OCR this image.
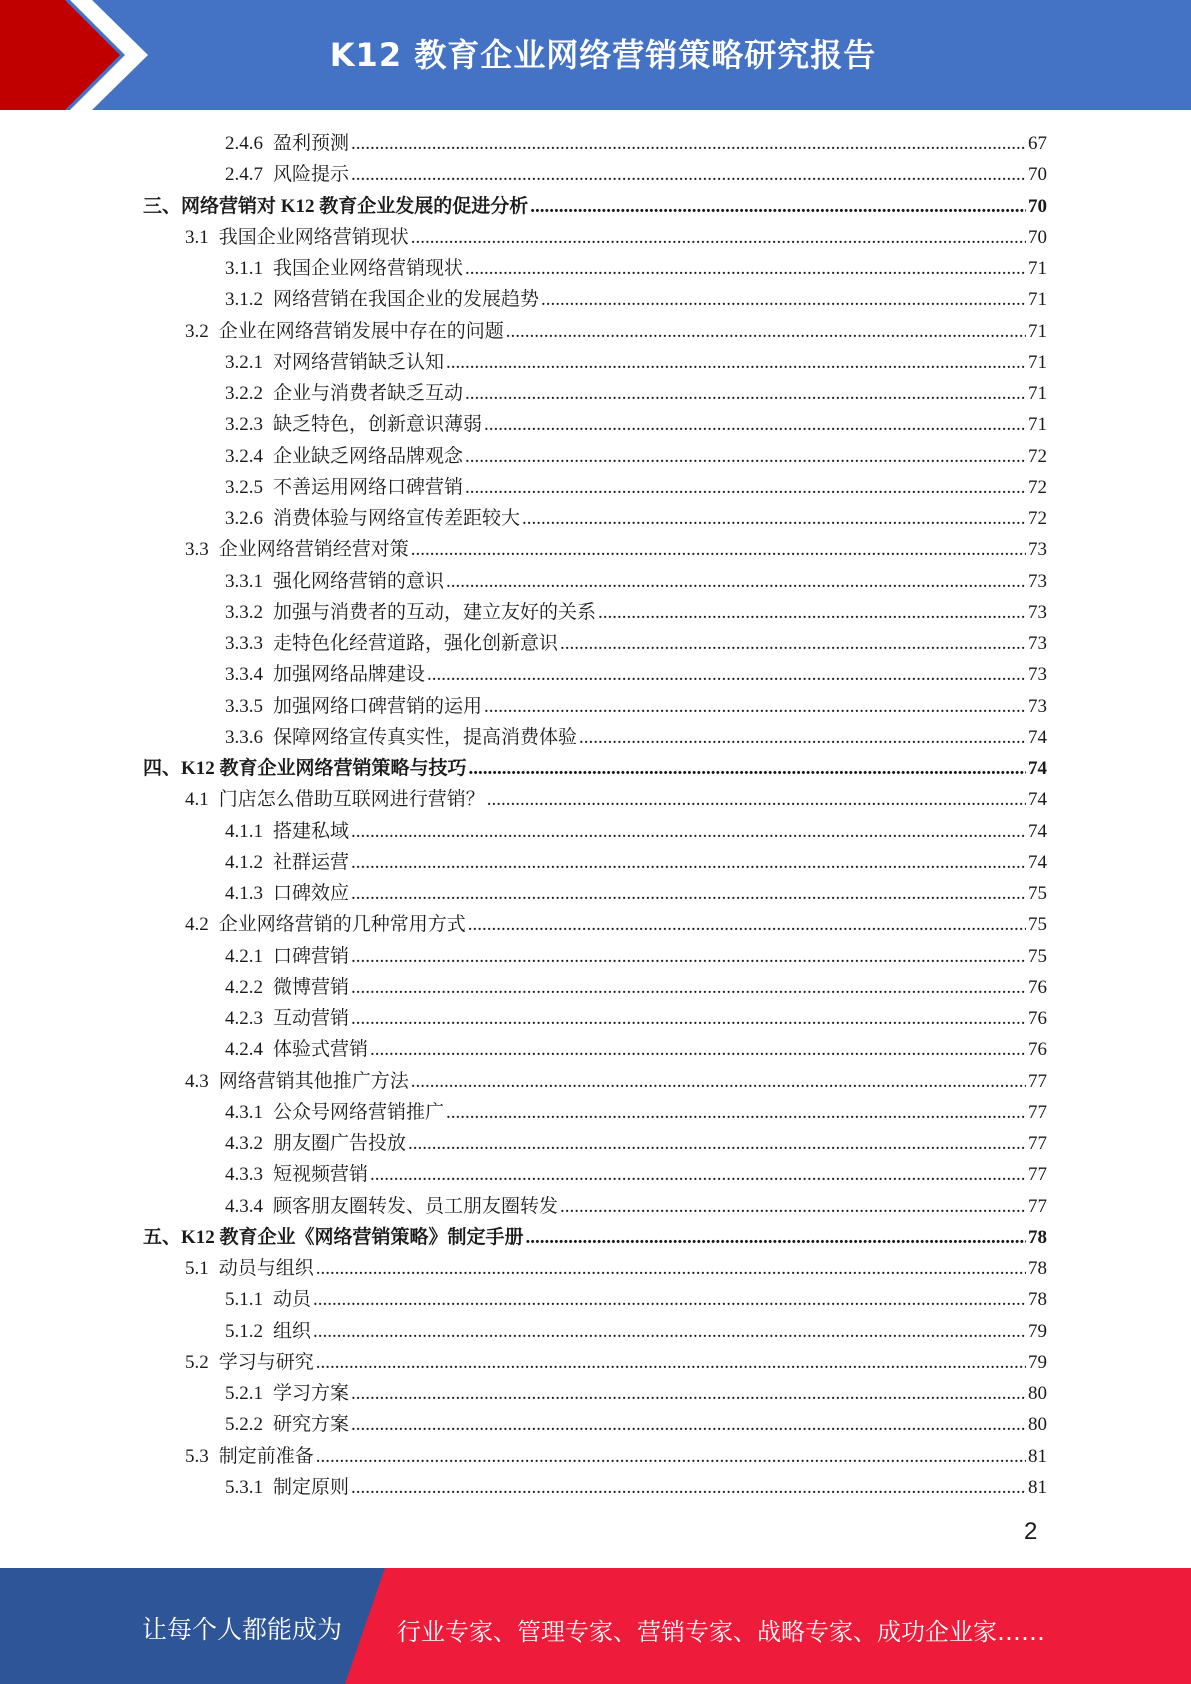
K12 教育企业网络营销策略研究报告
2.4.6 盈利预测 .....	67
2.4.7 风险提示 .....	70
三、网络营销对 K12 教育企业发展的促进分析 .....	70
3.1 我国企业网络营销现状 .....	70
3.1.1 我国企业网络营销现状 .....	71
3.1.2 网络营销在我国企业的发展趋势 .....	71
3.2 企业在网络营销发展中存在的问题 .....	71
3.2.1 对网络营销缺乏认知 .....	71
3.2.2 企业与消费者缺乏互动 .....	71
3.2.3 缺乏特色，创新意识薄弱 .....	71
3.2.4 企业缺乏网络品牌观念 .....	72
3.2.5 不善运用网络口碑营销 .....	72
3.2.6 消费体验与网络宣传差距较大 .....	72
3.3 企业网络营销经营对策 .....	73
3.3.1 强化网络营销的意识 .....	73
3.3.2 加强与消费者的互动，建立友好的关系 .....	73
3.3.3 走特色化经营道路，强化创新意识 .....	73
3.3.4 加强网络品牌建设 .....	73
3.3.5 加强网络口碑营销的运用 .....	73
3.3.6 保障网络宣传真实性，提高消费体验 .....	74
四、K12 教育企业网络营销策略与技巧 .....	74
4.1 门店怎么借助互联网进行营销？ .....	74
4.1.1 搭建私域 .....	74
4.1.2 社群运营 .....	74
4.1.3 口碑效应 .....	75
4.2 企业网络营销的几种常用方式 .....	75
4.2.1 口碑营销 .....	75
4.2.2 微博营销 .....	76
4.2.3 互动营销 .....	76
4.2.4 体验式营销 .....	76
4.3 网络营销其他推广方法 .....	77
4.3.1 公众号网络营销推广 .....	77
4.3.2 朋友圈广告投放 .....	77
4.3.3 短视频营销 .....	77
4.3.4 顾客朋友圈转发、员工朋友圈转发 .....	77
五、K12 教育企业《网络营销策略》制定手册 .....	78
5.1 动员与组织 .....	78
5.1.1 动员 .....	78
5.1.2 组织 .....	79
5.2 学习与研究 .....	79
5.2.1 学习方案 .....	80
5.2.2 研究方案 .....	80
5.3 制定前准备 .....	81
5.3.1 制定原则 .....	81
2
让每个人都能成为 行业专家、管理专家、营销专家、战略专家、成功企业家……
